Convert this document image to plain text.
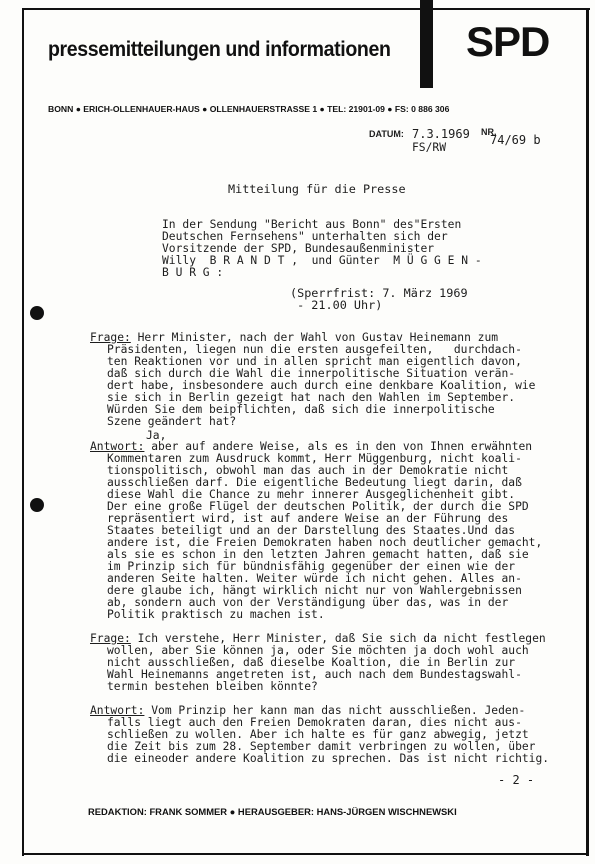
pressemitteilungen und informationen SPD
BONN ● ERICH-OLLENHAUER-HAUS ● OLLENHAUERSTRASSE 1 ● TEL: 21901-09 ● FS: 0 886 306
DATUM: 7.3.1969 NR.
74/69 b
FS/RW
Mitteilung für die Presse
In der Sendung "Bericht aus Bonn" des"Ersten
Deutschen Fernsehens" unterhalten sich der
Vorsitzende der SPD, Bundesaußenminister
Willy  B R A N D T ,  und Günter  M Ü G G E N -
B U R G :
(Sperrfrist: 7. März 1969
- 21.00 Uhr)
Frage: Herr Minister, nach der Wahl von Gustav Heinemann zum
Präsidenten, liegen nun die ersten ausgefeilten,   durchdach-
ten Reaktionen vor und in allen spricht man eigentlich davon,
daß sich durch die Wahl die innerpolitische Situation verän-
dert habe, insbesondere auch durch eine denkbare Koalition, wie
sie sich in Berlin gezeigt hat nach den Wahlen im September.
Würden Sie dem beipflichten, daß sich die innerpolitische
Szene geändert hat?
Ja,
Antwort: aber auf andere Weise, als es in den von Ihnen erwähnten
Kommentaren zum Ausdruck kommt, Herr Müggenburg, nicht koali-
tionspolitisch, obwohl man das auch in der Demokratie nicht
ausschließen darf. Die eigentliche Bedeutung liegt darin, daß
diese Wahl die Chance zu mehr innerer Ausgeglichenheit gibt.
Der eine große Flügel der deutschen Politik, der durch die SPD
repräsentiert wird, ist auf andere Weise an der Führung des
Staates beteiligt und an der Darstellung des Staates.Und das
andere ist, die Freien Demokraten haben noch deutlicher gemacht,
als sie es schon in den letzten Jahren gemacht hatten, daß sie
im Prinzip sich für bündnisfähig gegenüber der einen wie der
anderen Seite halten. Weiter würde ich nicht gehen. Alles an-
dere glaube ich, hängt wirklich nicht nur von Wahlergebnissen
ab, sondern auch von der Verständigung über das, was in der
Politik praktisch zu machen ist.
Frage: Ich verstehe, Herr Minister, daß Sie sich da nicht festlegen
wollen, aber Sie können ja, oder Sie möchten ja doch wohl auch
nicht ausschließen, daß dieselbe Koaltion, die in Berlin zur
Wahl Heinemanns angetreten ist, auch nach dem Bundestagswahl-
termin bestehen bleiben könnte?
Antwort: Vom Prinzip her kann man das nicht ausschließen. Jeden-
falls liegt auch den Freien Demokraten daran, dies nicht aus-
schließen zu wollen. Aber ich halte es für ganz abwegig, jetzt
die Zeit bis zum 28. September damit verbringen zu wollen, über
die eineoder andere Koalition zu sprechen. Das ist nicht richtig.
- 2 -
REDAKTION: FRANK SOMMER ● HERAUSGEBER: HANS-JÜRGEN WISCHNEWSKI
